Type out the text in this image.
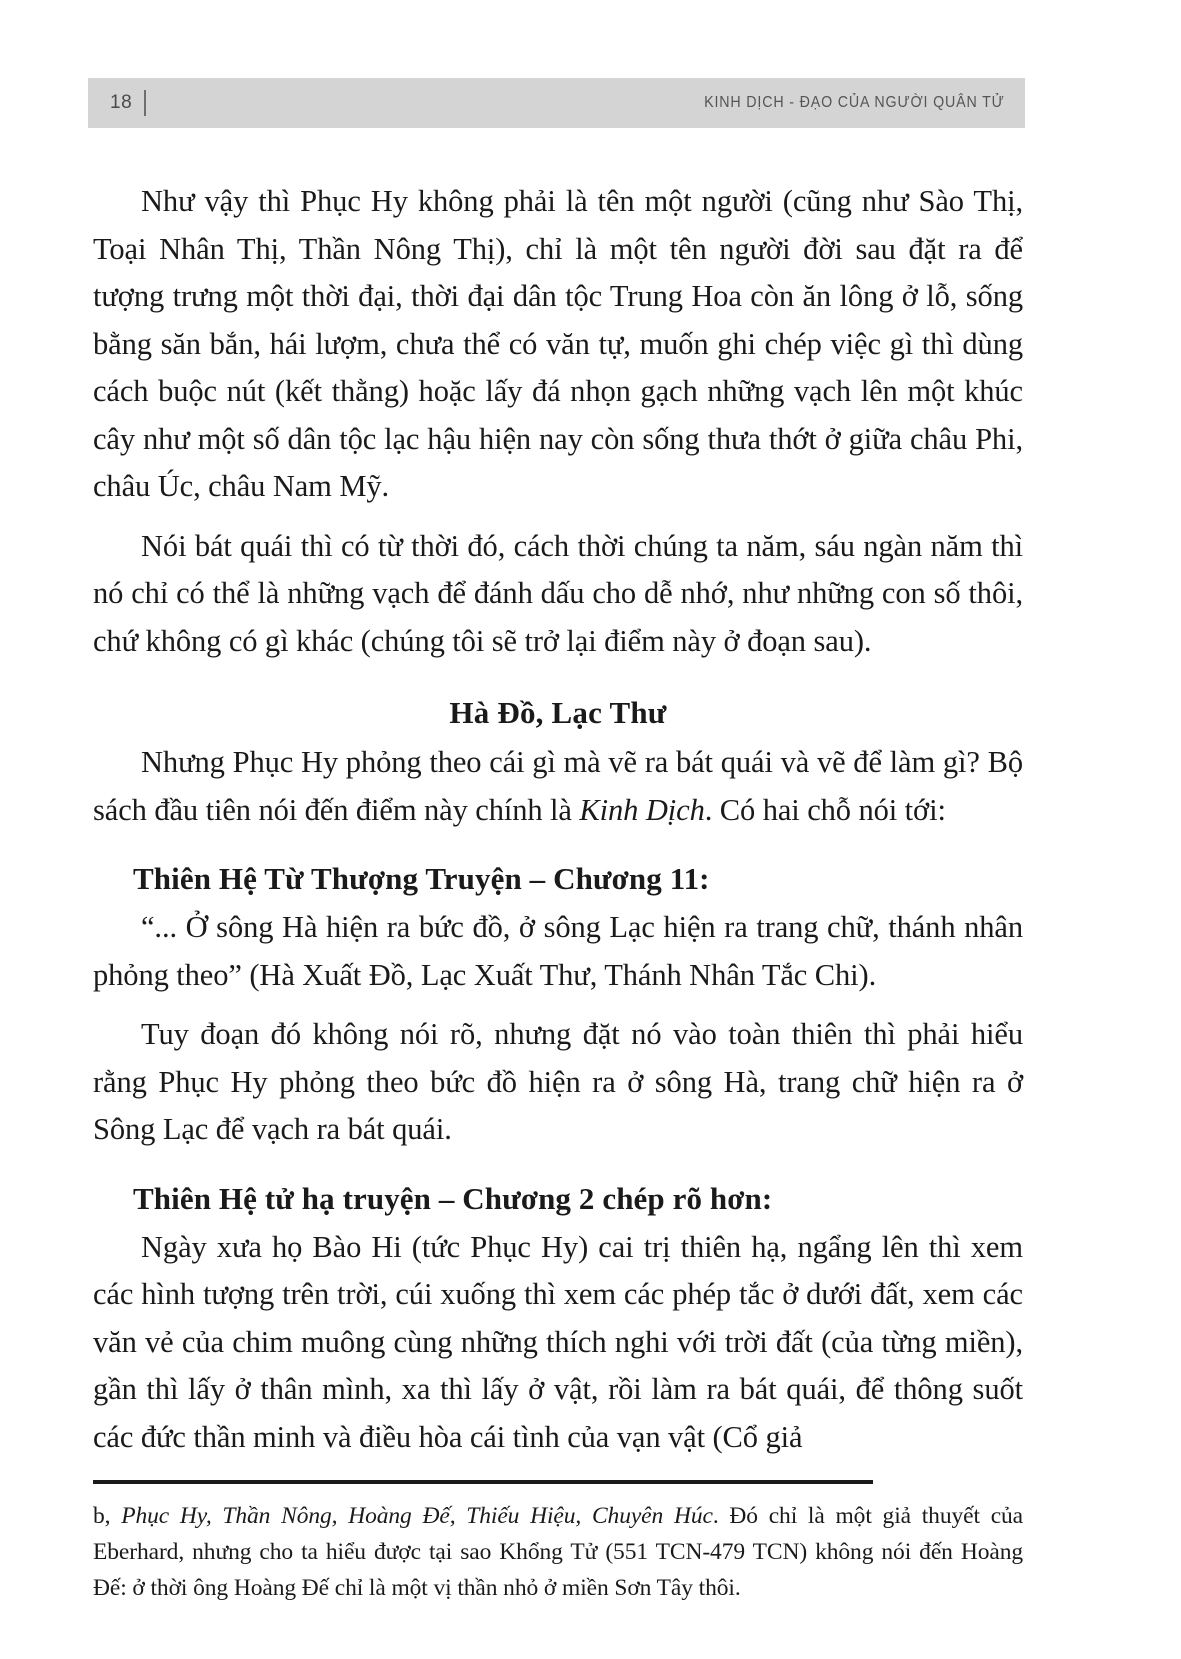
18	KINH DỊCH - ĐẠO CỦA NGƯỜI QUÂN TỬ

Như vậy thì Phục Hy không phải là tên một người (cũng như Sào Thị, Toại Nhân Thị, Thần Nông Thị), chỉ là một tên người đời sau đặt ra để tượng trưng một thời đại, thời đại dân tộc Trung Hoa còn ăn lông ở lỗ, sống bằng săn bắn, hái lượm, chưa thể có văn tự, muốn ghi chép việc gì thì dùng cách buộc nút (kết thằng) hoặc lấy đá nhọn gạch những vạch lên một khúc cây như một số dân tộc lạc hậu hiện nay còn sống thưa thớt ở giữa châu Phi, châu Úc, châu Nam Mỹ.

Nói bát quái thì có từ thời đó, cách thời chúng ta năm, sáu ngàn năm thì nó chỉ có thể là những vạch để đánh dấu cho dễ nhớ, như những con số thôi, chứ không có gì khác (chúng tôi sẽ trở lại điểm này ở đoạn sau).

Hà Đồ, Lạc Thư

Nhưng Phục Hy phỏng theo cái gì mà vẽ ra bát quái và vẽ để làm gì? Bộ sách đầu tiên nói đến điểm này chính là Kinh Dịch. Có hai chỗ nói tới:

Thiên Hệ Từ Thượng Truyện – Chương 11:

“... Ở sông Hà hiện ra bức đồ, ở sông Lạc hiện ra trang chữ, thánh nhân phỏng theo” (Hà Xuất Đồ, Lạc Xuất Thư, Thánh Nhân Tắc Chi).

Tuy đoạn đó không nói rõ, nhưng đặt nó vào toàn thiên thì phải hiểu rằng Phục Hy phỏng theo bức đồ hiện ra ở sông Hà, trang chữ hiện ra ở Sông Lạc để vạch ra bát quái.

Thiên Hệ tử hạ truyện – Chương 2 chép rõ hơn:

Ngày xưa họ Bào Hi (tức Phục Hy) cai trị thiên hạ, ngẩng lên thì xem các hình tượng trên trời, cúi xuống thì xem các phép tắc ở dưới đất, xem các văn vẻ của chim muông cùng những thích nghi với trời đất (của từng miền), gần thì lấy ở thân mình, xa thì lấy ở vật, rồi làm ra bát quái, để thông suốt các đức thần minh và điều hòa cái tình của vạn vật (Cổ giả

b, Phục Hy, Thần Nông, Hoàng Đế, Thiếu Hiệu, Chuyên Húc. Đó chỉ là một giả thuyết của Eberhard, nhưng cho ta hiểu được tại sao Khổng Tử (551 TCN-479 TCN) không nói đến Hoàng Đế: ở thời ông Hoàng Đế chỉ là một vị thần nhỏ ở miền Sơn Tây thôi.
